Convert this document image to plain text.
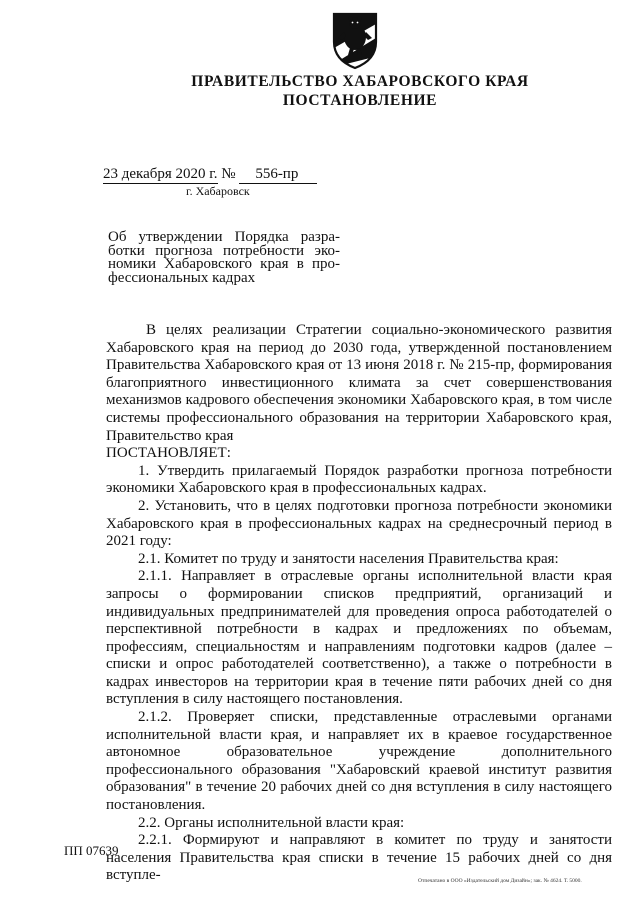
ПРАВИТЕЛЬСТВО ХАБАРОВСКОГО КРАЯ
ПОСТАНОВЛЕНИЕ
23 декабря 2020 г. № 556-пр
г. Хабаровск
Об утверждении Порядка разра-
ботки прогноза потребности эко-
номики Хабаровского края в про-
фессиональных кадрах

В целях реализации Стратегии социально-экономического развития Хабаровского края на период до 2030 года, утвержденной постановлением Правительства Хабаровского края от 13 июня 2018 г. № 215-пр, формирования благоприятного инвестиционного климата за счет совершенствования механизмов кадрового обеспечения экономики Хабаровского края, в том числе системы профессионального образования на территории Хабаровского края, Правительство края

ПОСТАНОВЛЯЕТ:

1. Утвердить прилагаемый Порядок разработки прогноза потребности экономики Хабаровского края в профессиональных кадрах.

2. Установить, что в целях подготовки прогноза потребности экономики Хабаровского края в профессиональных кадрах на среднесрочный период в 2021 году:

2.1. Комитет по труду и занятости населения Правительства края:

2.1.1. Направляет в отраслевые органы исполнительной власти края запросы о формировании списков предприятий, организаций и индивидуальных предпринимателей для проведения опроса работодателей о перспективной потребности в кадрах и предложениях по объемам, профессиям, специальностям и направлениям подготовки кадров (далее – списки и опрос работодателей соответственно), а также о потребности в кадрах инвесторов на территории края в течение пяти рабочих дней со дня вступления в силу настоящего постановления.

2.1.2. Проверяет списки, представленные отраслевыми органами исполнительной власти края, и направляет их в краевое государственное автономное образовательное учреждение дополнительного профессионального образования "Хабаровский краевой институт развития образования" в течение 20 рабочих дней со дня вступления в силу настоящего постановления.

2.2. Органы исполнительной власти края:

2.2.1. Формируют и направляют в комитет по труду и занятости населения Правительства края списки в течение 15 рабочих дней со дня вступле-

ПП 07639
Отпечатано в ООО «Издательский дом Дизайн»; зак. № 4624. Т. 5000.
